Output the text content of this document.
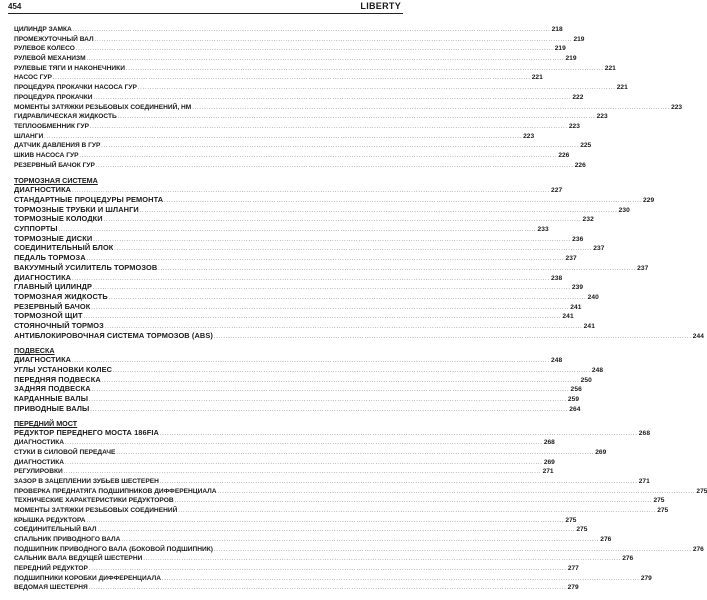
454	LIBERTY
ЦИЛИНДР ЗАМКА ........................................................................................................................................................................................................ 218
ПРОМЕЖУТОЧНЫЙ ВАЛ ........................................................................................................................................................................................................ 219
РУЛЕВОЕ КОЛЕСО ........................................................................................................................................................................................................ 219
РУЛЕВОЙ МЕХАНИЗМ ........................................................................................................................................................................................................ 219
РУЛЕВЫЕ ТЯГИ И НАКОНЕЧНИКИ ........................................................................................................................................................................................................ 221
НАСОС ГУР ........................................................................................................................................................................................................ 221
ПРОЦЕДУРА ПРОКАЧКИ НАСОСА ГУР ........................................................................................................................................................................................................ 221
ПРОЦЕДУРА ПРОКАЧКИ ........................................................................................................................................................................................................ 222
МОМЕНТЫ ЗАТЯЖКИ РЕЗЬБОВЫХ СОЕДИНЕНИЙ, НМ ........................................................................................................................................................................................................ 223
ГИДРАВЛИЧЕСКАЯ ЖИДКОСТЬ ........................................................................................................................................................................................................ 223
ТЕПЛООБМЕННИК ГУР ........................................................................................................................................................................................................ 223
ШЛАНГИ ........................................................................................................................................................................................................ 223
ДАТЧИК ДАВЛЕНИЯ В ГУР ........................................................................................................................................................................................................ 225
ШКИВ НАСОСА ГУР ........................................................................................................................................................................................................ 226
РЕЗЕРВНЫЙ БАЧОК ГУР ........................................................................................................................................................................................................ 226
ТОРМОЗНАЯ СИСТЕМА
ДИАГНОСТИКА ........................................................................................................................................................................................................ 227
СТАНДАРТНЫЕ ПРОЦЕДУРЫ РЕМОНТА ........................................................................................................................................................................................................ 229
ТОРМОЗНЫЕ ТРУБКИ И ШЛАНГИ ........................................................................................................................................................................................................ 230
ТОРМОЗНЫЕ КОЛОДКИ ........................................................................................................................................................................................................ 232
СУППОРТЫ ........................................................................................................................................................................................................ 233
ТОРМОЗНЫЕ ДИСКИ ........................................................................................................................................................................................................ 236
СОЕДИНИТЕЛЬНЫЙ БЛОК ........................................................................................................................................................................................................ 237
ПЕДАЛЬ ТОРМОЗА ........................................................................................................................................................................................................ 237
ВАКУУМНЫЙ УСИЛИТЕЛЬ ТОРМОЗОВ ........................................................................................................................................................................................................ 237
ДИАГНОСТИКА ........................................................................................................................................................................................................ 238
ГЛАВНЫЙ ЦИЛИНДР ........................................................................................................................................................................................................ 239
ТОРМОЗНАЯ ЖИДКОСТЬ ........................................................................................................................................................................................................ 240
РЕЗЕРВНЫЙ БАЧОК ........................................................................................................................................................................................................ 241
ТОРМОЗНОЙ ЩИТ ........................................................................................................................................................................................................ 241
СТОЯНОЧНЫЙ ТОРМОЗ ........................................................................................................................................................................................................ 241
АНТИБЛОКИРОВОЧНАЯ СИСТЕМА ТОРМОЗОВ (ABS) ........................................................................................................................................................................................................ 244
ПОДВЕСКА
ДИАГНОСТИКА ........................................................................................................................................................................................................ 248
УГЛЫ УСТАНОВКИ КОЛЕС ........................................................................................................................................................................................................ 248
ПЕРЕДНЯЯ ПОДВЕСКА ........................................................................................................................................................................................................ 250
ЗАДНЯЯ ПОДВЕСКА ........................................................................................................................................................................................................ 256
КАРДАННЫЕ ВАЛЫ ........................................................................................................................................................................................................ 259
ПРИВОДНЫЕ ВАЛЫ ........................................................................................................................................................................................................ 264
ПЕРЕДНИЙ МОСТ
РЕДУКТОР ПЕРЕДНЕГО МОСТА 186FIA ........................................................................................................................................................................................................ 268
ДИАГНОСТИКА ........................................................................................................................................................................................................ 268
СТУКИ В СИЛОВОЙ ПЕРЕДАЧЕ ........................................................................................................................................................................................................ 269
ДИАГНОСТИКА ........................................................................................................................................................................................................ 269
РЕГУЛИРОВКИ ........................................................................................................................................................................................................ 271
ЗАЗОР В ЗАЦЕПЛЕНИИ ЗУБЬЕВ ШЕСТЕРЕН ........................................................................................................................................................................................................ 271
ПРОВЕРКА ПРЕДНАТЯГА ПОДШИПНИКОВ ДИФФЕРЕНЦИАЛА ........................................................................................................................................................................................................ 275
ТЕХНИЧЕСКИЕ ХАРАКТЕРИСТИКИ РЕДУКТОРОВ ........................................................................................................................................................................................................ 275
МОМЕНТЫ ЗАТЯЖКИ РЕЗЬБОВЫХ СОЕДИНЕНИЙ ........................................................................................................................................................................................................ 275
КРЫШКА РЕДУКТОРА ........................................................................................................................................................................................................ 275
СОЕДИНИТЕЛЬНЫЙ ВАЛ ........................................................................................................................................................................................................ 275
СПАЛЬНИК ПРИВОДНОГО ВАЛА ........................................................................................................................................................................................................ 276
ПОДШИПНИК ПРИВОДНОГО ВАЛА (БОКОВОЙ ПОДШИПНИК) ........................................................................................................................................................................................................ 276
САЛЬНИК ВАЛА ВЕДУЩЕЙ ШЕСТЕРНИ ........................................................................................................................................................................................................ 276
ПЕРЕДНИЙ РЕДУКТОР ........................................................................................................................................................................................................ 277
ПОДШИПНИКИ КОРОБКИ ДИФФЕРЕНЦИАЛА ........................................................................................................................................................................................................ 279
ВЕДОМАЯ ШЕСТЕРНЯ ........................................................................................................................................................................................................ 279
